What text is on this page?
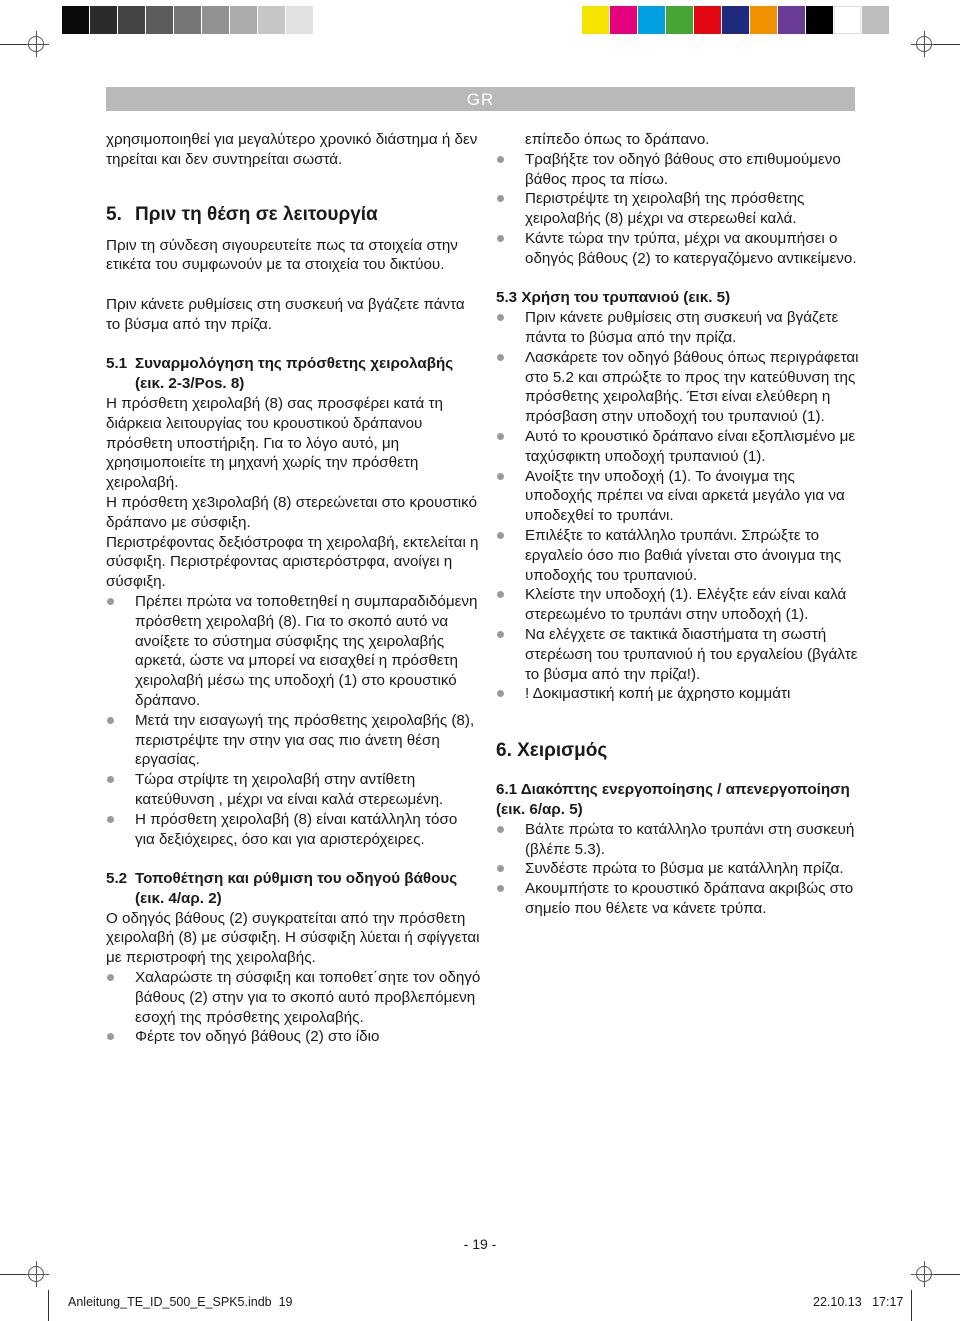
GR

χρησιμοποιηθεί για μεγαλύτερο χρονικό διάστημα ή δεν τηρείται και δεν συντηρείται σωστά.

5. Πριν τη θέση σε λειτουργία

Πριν τη σύνδεση σιγουρευτείτε πως τα στοιχεία στην ετικέτα του συμφωνούν με τα στοιχεία του δικτύου.

Πριν κάνετε ρυθμίσεις στη συσκευή να βγάζετε πάντα το βύσμα από την πρίζα.

5.1 Συναρμολόγηση της πρόσθετης χειρολαβής (εικ. 2-3/Pos. 8)

Η πρόσθετη χειρολαβή (8) σας προσφέρει κατά τη διάρκεια λειτουργίας του κρουστικού δράπανου πρόσθετη υποστήριξη. Για το λόγο αυτό, μη χρησιμοποιείτε τη μηχανή χωρίς την πρόσθετη χειρολαβή.

Η πρόσθετη χε3ιρολαβή (8) στερεώνεται στο κρουστικό δράπανο με σύσφιξη.

Περιστρέφοντας δεξιόστροφα τη χειρολαβή, εκτελείται η σύσφιξη. Περιστρέφοντας αριστερόστρφα, ανοίγει η σύσφιξη.

Πρέπει πρώτα να τοποθετηθεί η συμπαραδιδόμενη πρόσθετη χειρολαβή (8). Για το σκοπό αυτό να ανοίξετε το σύστημα σύσφιξης της χειρολαβής αρκετά, ώστε να μπορεί να εισαχθεί η πρόσθετη χειρολαβή μέσω της υποδοχή (1) στο κρουστικό δράπανο.

Μετά την εισαγωγή της πρόσθετης χειρολαβής (8), περιστρέψτε την στην για σας πιο άνετη θέση εργασίας.

Τώρα στρίψτε τη χειρολαβή στην αντίθετη κατεύθυνση , μέχρι να είναι καλά στερεωμένη.

Η πρόσθετη χειρολαβή (8) είναι κατάλληλη τόσο για δεξιόχειρες, όσο και για αριστερόχειρες.

5.2 Τοποθέτηση και ρύθμιση του οδηγού βάθους (εικ. 4/αρ. 2)

Ο οδηγός βάθους (2) συγκρατείται από την πρόσθετη χειρολαβή (8) με σύσφιξη. Η σύσφιξη λύεται ή σφίγγεται με περιστροφή της χειρολαβής.

Χαλαρώστε τη σύσφιξη και τοποθετ΄σητε τον οδηγό βάθους (2) στην για το σκοπό αυτό προβλεπόμενη εσοχή της πρόσθετης χειρολαβής.

Φέρτε τον οδηγό βάθους (2) στο ίδιο

επίπεδο όπως το δράπανο.

Τραβήξτε τον οδηγό βάθους στο επιθυμούμενο βάθος προς τα πίσω.

Περιστρέψτε τη χειρολαβή της πρόσθετης χειρολαβής (8) μέχρι να στερεωθεί καλά.

Κάντε τώρα την τρύπα, μέχρι να ακουμπήσει ο οδηγός βάθους (2) το κατεργαζόμενο αντικείμενο.

5.3 Χρήση του τρυπανιού (εικ. 5)

Πριν κάνετε ρυθμίσεις στη συσκευή να βγάζετε πάντα το βύσμα από την πρίζα.

Λασκάρετε τον οδηγό βάθους όπως περιγράφεται στο 5.2 και σπρώξτε το προς την κατεύθυνση της πρόσθετης χειρολαβής. Έτσι είναι ελεύθερη η πρόσβαση στην υποδοχή του τρυπανιού (1).

Αυτό το κρουστικό δράπανο είναι εξοπλισμένο με ταχύσφικτη υποδοχή τρυπανιού (1).

Ανοίξτε την υποδοχή (1). Το άνοιγμα της υποδοχής πρέπει να είναι αρκετά μεγάλο για να υποδεχθεί το τρυπάνι.

Επιλέξτε το κατάλληλο τρυπάνι. Σπρώξτε το εργαλείο όσο πιο βαθιά γίνεται στο άνοιγμα της υποδοχής του τρυπανιού.

Κλείστε την υποδοχή (1). Ελέγξτε εάν είναι καλά στερεωμένο το τρυπάνι στην υποδοχή (1).

Να ελέγχετε σε τακτικά διαστήματα τη σωστή στερέωση του τρυπανιού ή του εργαλείου (βγάλτε το βύσμα από την πρίζα!).

! Δοκιμαστική κοπή με άχρηστο κομμάτι

6. Χειρισμός

6.1 Διακόπτης ενεργοποίησης / απενεργοποίηση (εικ. 6/αρ. 5)

Βάλτε πρώτα το κατάλληλο τρυπάνι στη συσκευή (βλέπε 5.3).

Συνδέστε πρώτα το βύσμα με κατάλληλη πρίζα.

Ακουμπήστε το κρουστικό δράπανα ακριβώς στο σημείο που θέλετε να κάνετε τρύπα.

- 19 -
Anleitung_TE_ID_500_E_SPK5.indb 19	22.10.13 17:17
